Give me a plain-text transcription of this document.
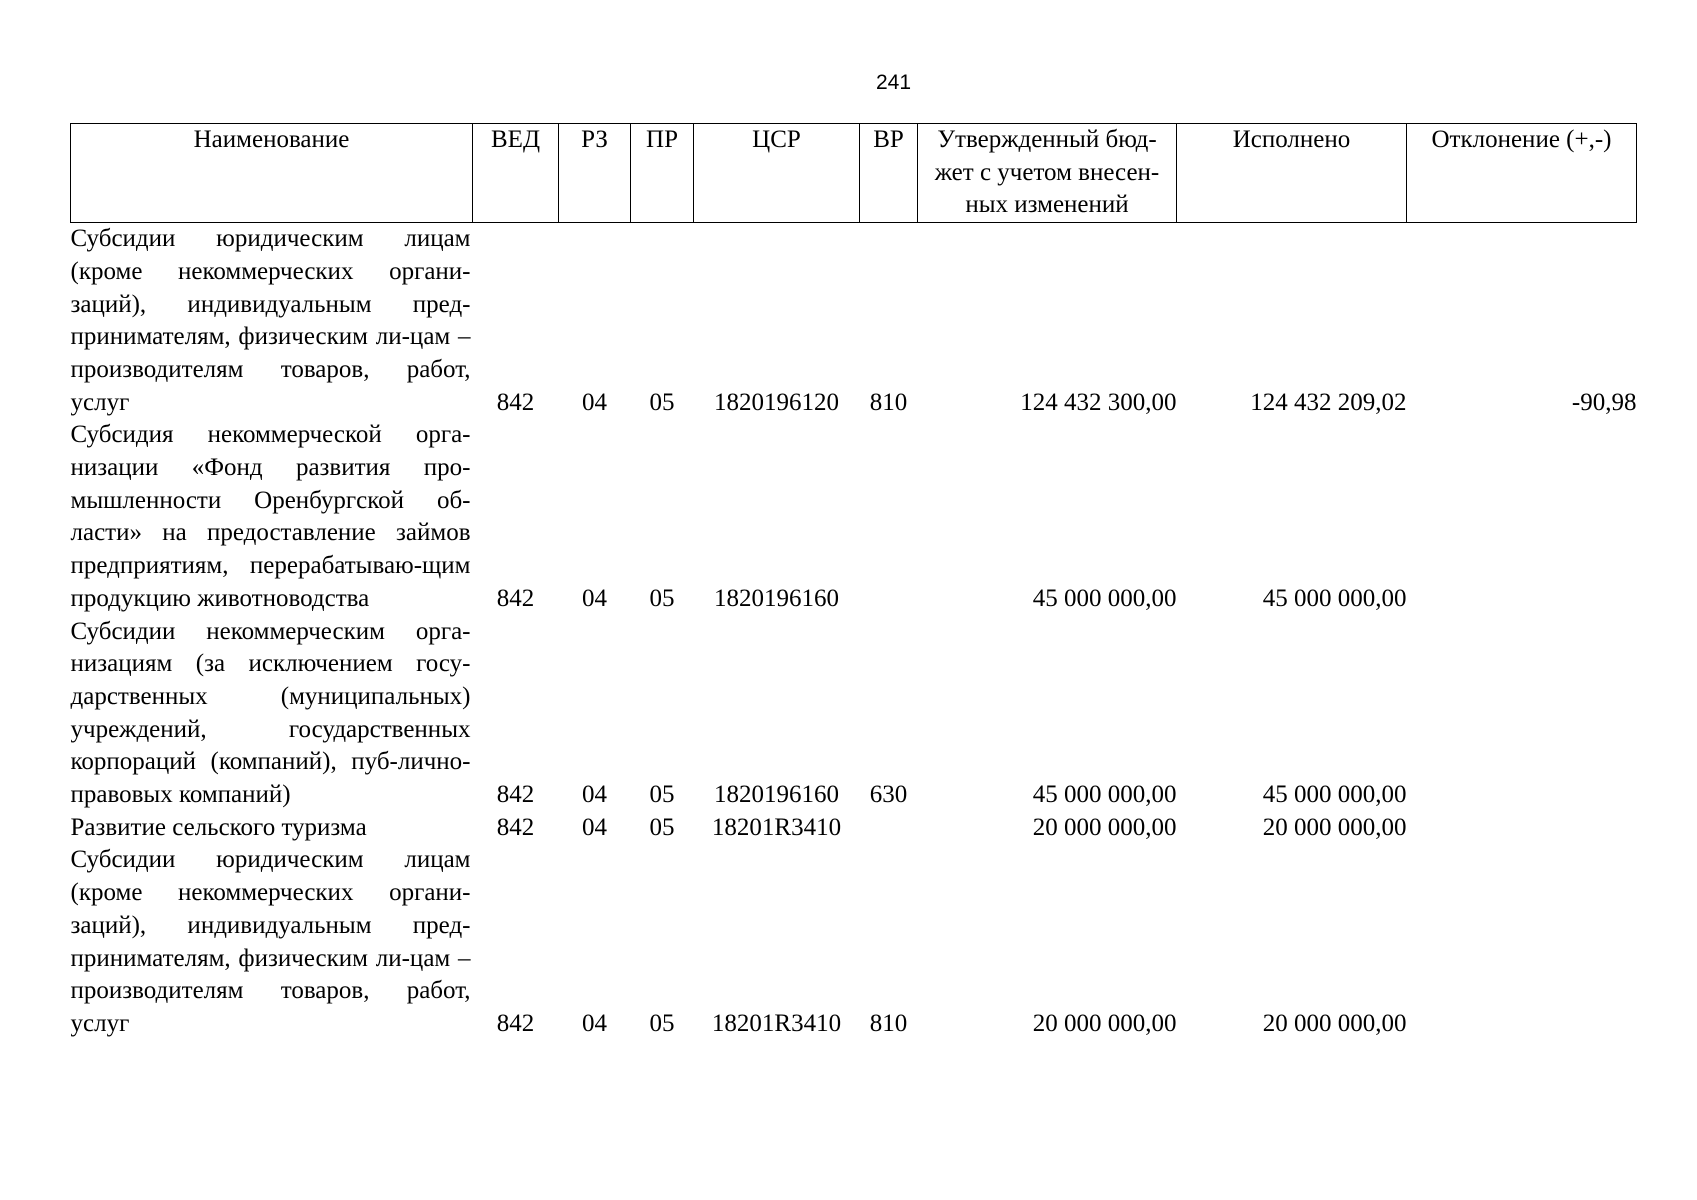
241
Наименование	ВЕД	РЗ	ПР	ЦСР	ВР	Утвержденный бюд-жет с учетом внесен-ных изменений	Исполнено	Отклонение (+,-)

Субсидии юридическим лицам (кроме некоммерческих органи-заций), индивидуальным пред-принимателям, физическим ли-цам – производителям товаров, работ, услуг	842	04	05	1820196120	810	124 432 300,00	124 432 209,02	-90,98

Субсидия некоммерческой орга-низации «Фонд развития про-мышленности Оренбургской об-ласти» на предоставление займов предприятиям, перерабатываю-щим продукцию животноводства	842	04	05	1820196160		45 000 000,00	45 000 000,00	

Субсидии некоммерческим орга-низациям (за исключением госу-дарственных (муниципальных) учреждений, государственных корпораций (компаний), пуб-лично-правовых компаний)	842	04	05	1820196160	630	45 000 000,00	45 000 000,00	

Развитие сельского туризма	842	04	05	18201R3410		20 000 000,00	20 000 000,00	

Субсидии юридическим лицам (кроме некоммерческих органи-заций), индивидуальным пред-принимателям, физическим ли-цам – производителям товаров, работ, услуг	842	04	05	18201R3410	810	20 000 000,00	20 000 000,00	
